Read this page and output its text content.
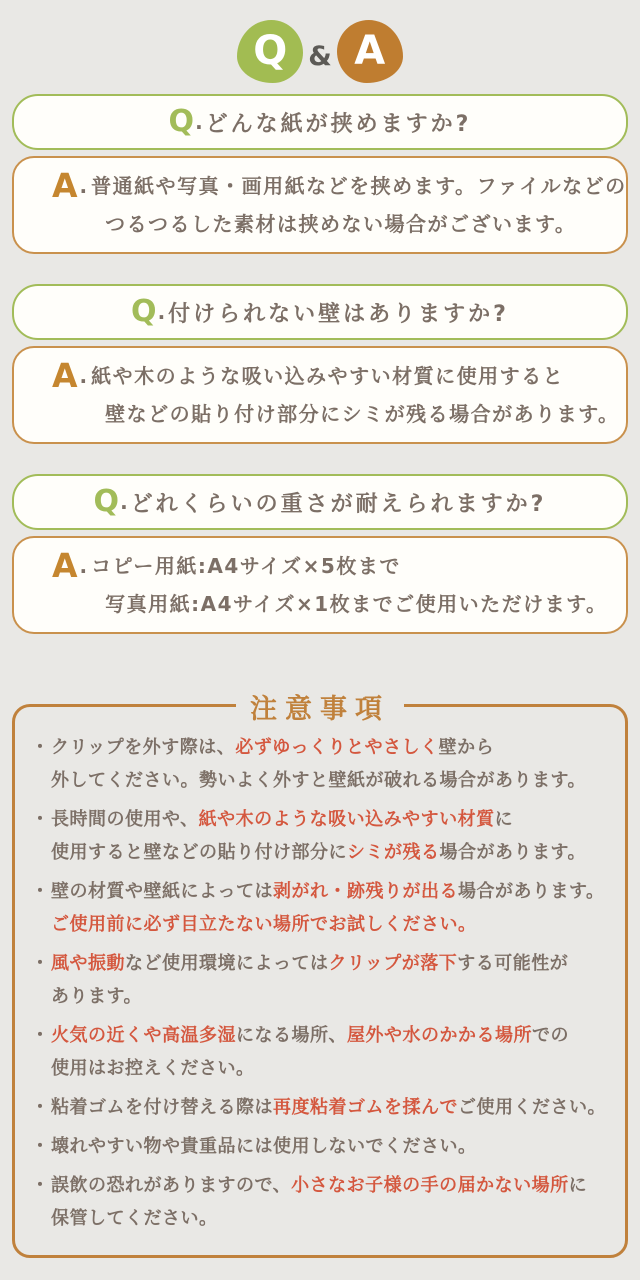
Q & A
Q . どんな紙が挟めますか?
A . 普通紙や写真・画用紙などを挟めます。ファイルなどの
つるつるした素材は挟めない場合がございます。
Q . 付けられない壁はありますか?
A . 紙や木のような吸い込みやすい材質に使用すると
壁などの貼り付け部分にシミが残る場合があります。
Q . どれくらいの重さが耐えられますか?
A . コピー用紙:A4サイズ×5枚まで
写真用紙:A4サイズ×1枚までご使用いただけます。
注意事項
・ クリップを外す際は、必ずゆっくりとやさしく壁から
外してください。勢いよく外すと壁紙が破れる場合があります。
・ 長時間の使用や、紙や木のような吸い込みやすい材質に
使用すると壁などの貼り付け部分にシミが残る場合があります。
・ 壁の材質や壁紙によっては剥がれ・跡残りが出る場合があります。
ご使用前に必ず目立たない場所でお試しください。
・ 風や振動など使用環境によってはクリップが落下する可能性が
あります。
・ 火気の近くや高温多湿になる場所、屋外や水のかかる場所での
使用はお控えください。
・ 粘着ゴムを付け替える際は再度粘着ゴムを揉んでご使用ください。
・ 壊れやすい物や貴重品には使用しないでください。
・ 誤飲の恐れがありますので、小さなお子様の手の届かない場所に
保管してください。
